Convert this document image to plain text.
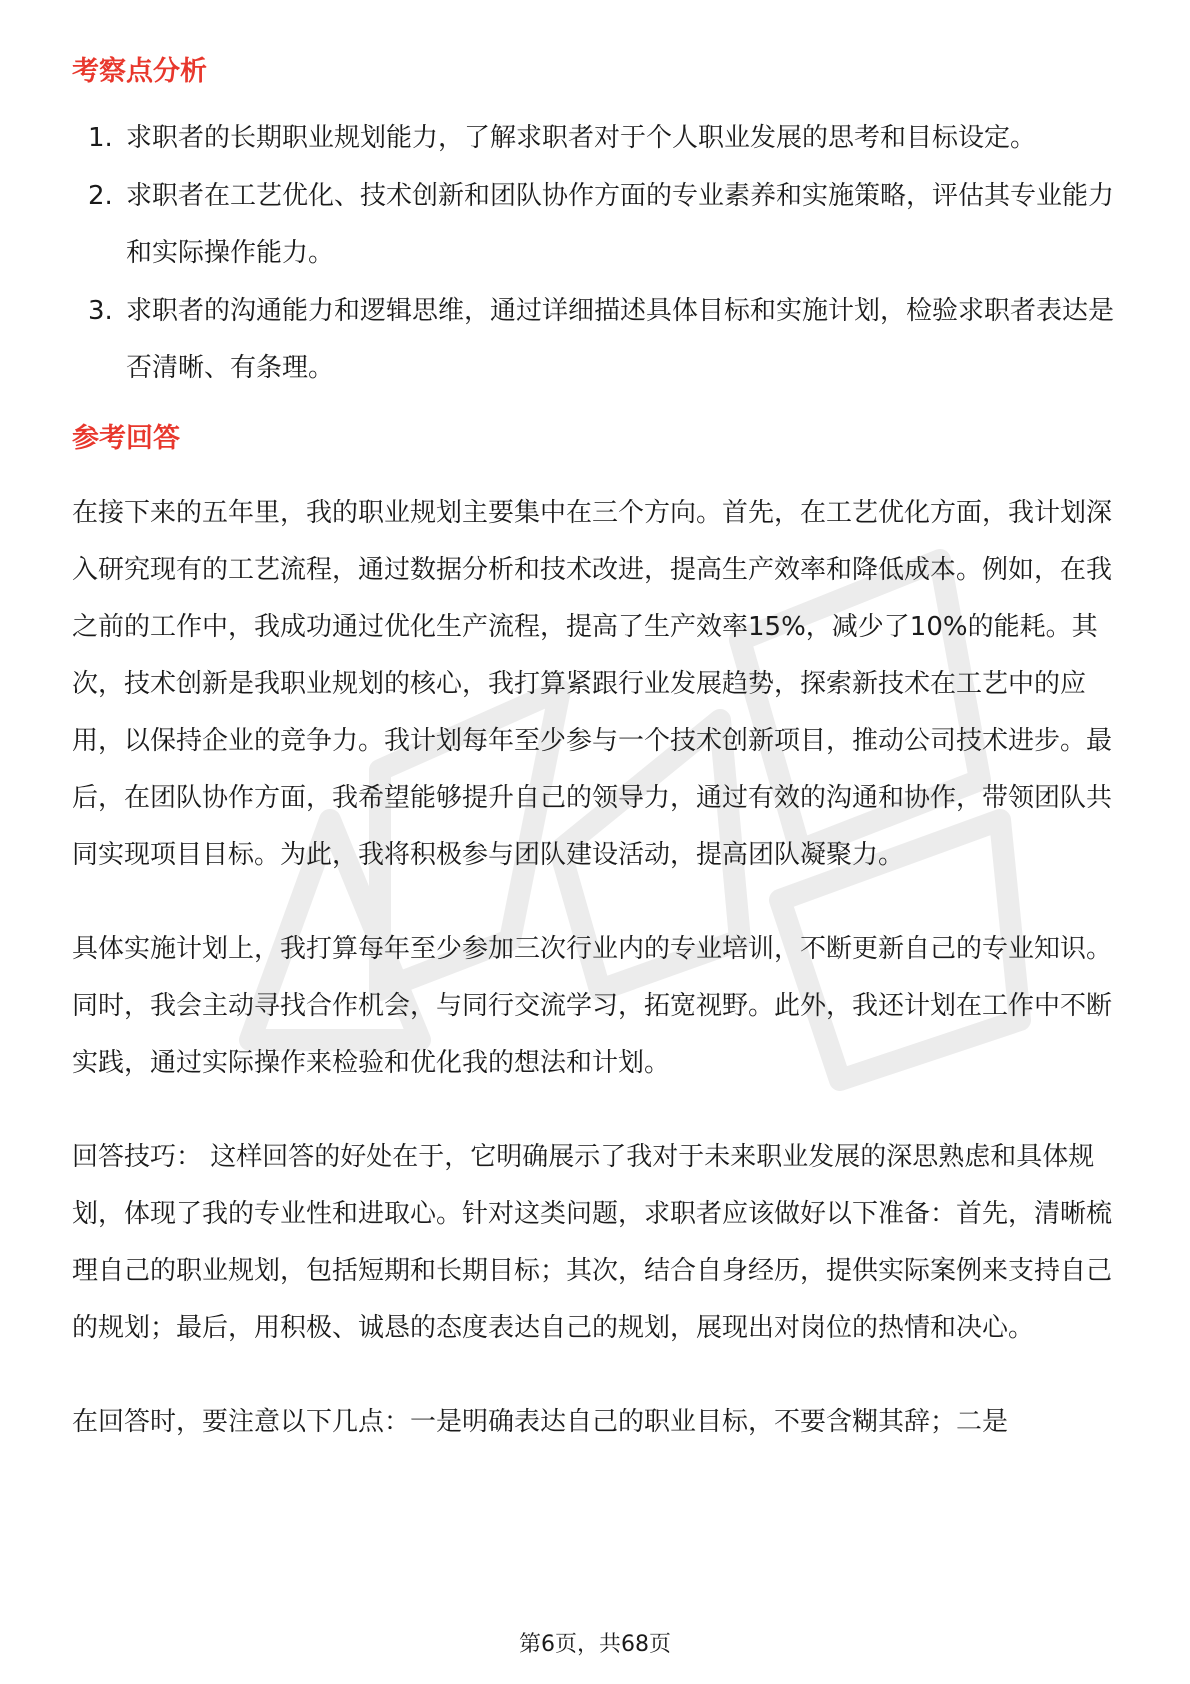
考察点分析
1. 求职者的长期职业规划能力，了解求职者对于个人职业发展的思考和目标设定。
2. 求职者在工艺优化、技术创新和团队协作方面的专业素养和实施策略，评估其专业能力和实际操作能力。
3. 求职者的沟通能力和逻辑思维，通过详细描述具体目标和实施计划，检验求职者表达是否清晰、有条理。
参考回答

在接下来的五年里，我的职业规划主要集中在三个方向。首先，在工艺优化方面，我计划深入研究现有的工艺流程，通过数据分析和技术改进，提高生产效率和降低成本。例如，在我之前的工作中，我成功通过优化生产流程，提高了生产效率15%，减少了10%的能耗。其次，技术创新是我职业规划的核心，我打算紧跟行业发展趋势，探索新技术在工艺中的应用，以保持企业的竞争力。我计划每年至少参与一个技术创新项目，推动公司技术进步。最后，在团队协作方面，我希望能够提升自己的领导力，通过有效的沟通和协作，带领团队共同实现项目目标。为此，我将积极参与团队建设活动，提高团队凝聚力。

具体实施计划上，我打算每年至少参加三次行业内的专业培训，不断更新自己的专业知识。同时，我会主动寻找合作机会，与同行交流学习，拓宽视野。此外，我还计划在工作中不断实践，通过实际操作来检验和优化我的想法和计划。

回答技巧： 这样回答的好处在于，它明确展示了我对于未来职业发展的深思熟虑和具体规划，体现了我的专业性和进取心。针对这类问题，求职者应该做好以下准备：首先，清晰梳理自己的职业规划，包括短期和长期目标；其次，结合自身经历，提供实际案例来支持自己的规划；最后，用积极、诚恳的态度表达自己的规划，展现出对岗位的热情和决心。

在回答时，要注意以下几点：一是明确表达自己的职业目标，不要含糊其辞；二是

第6页，共68页
